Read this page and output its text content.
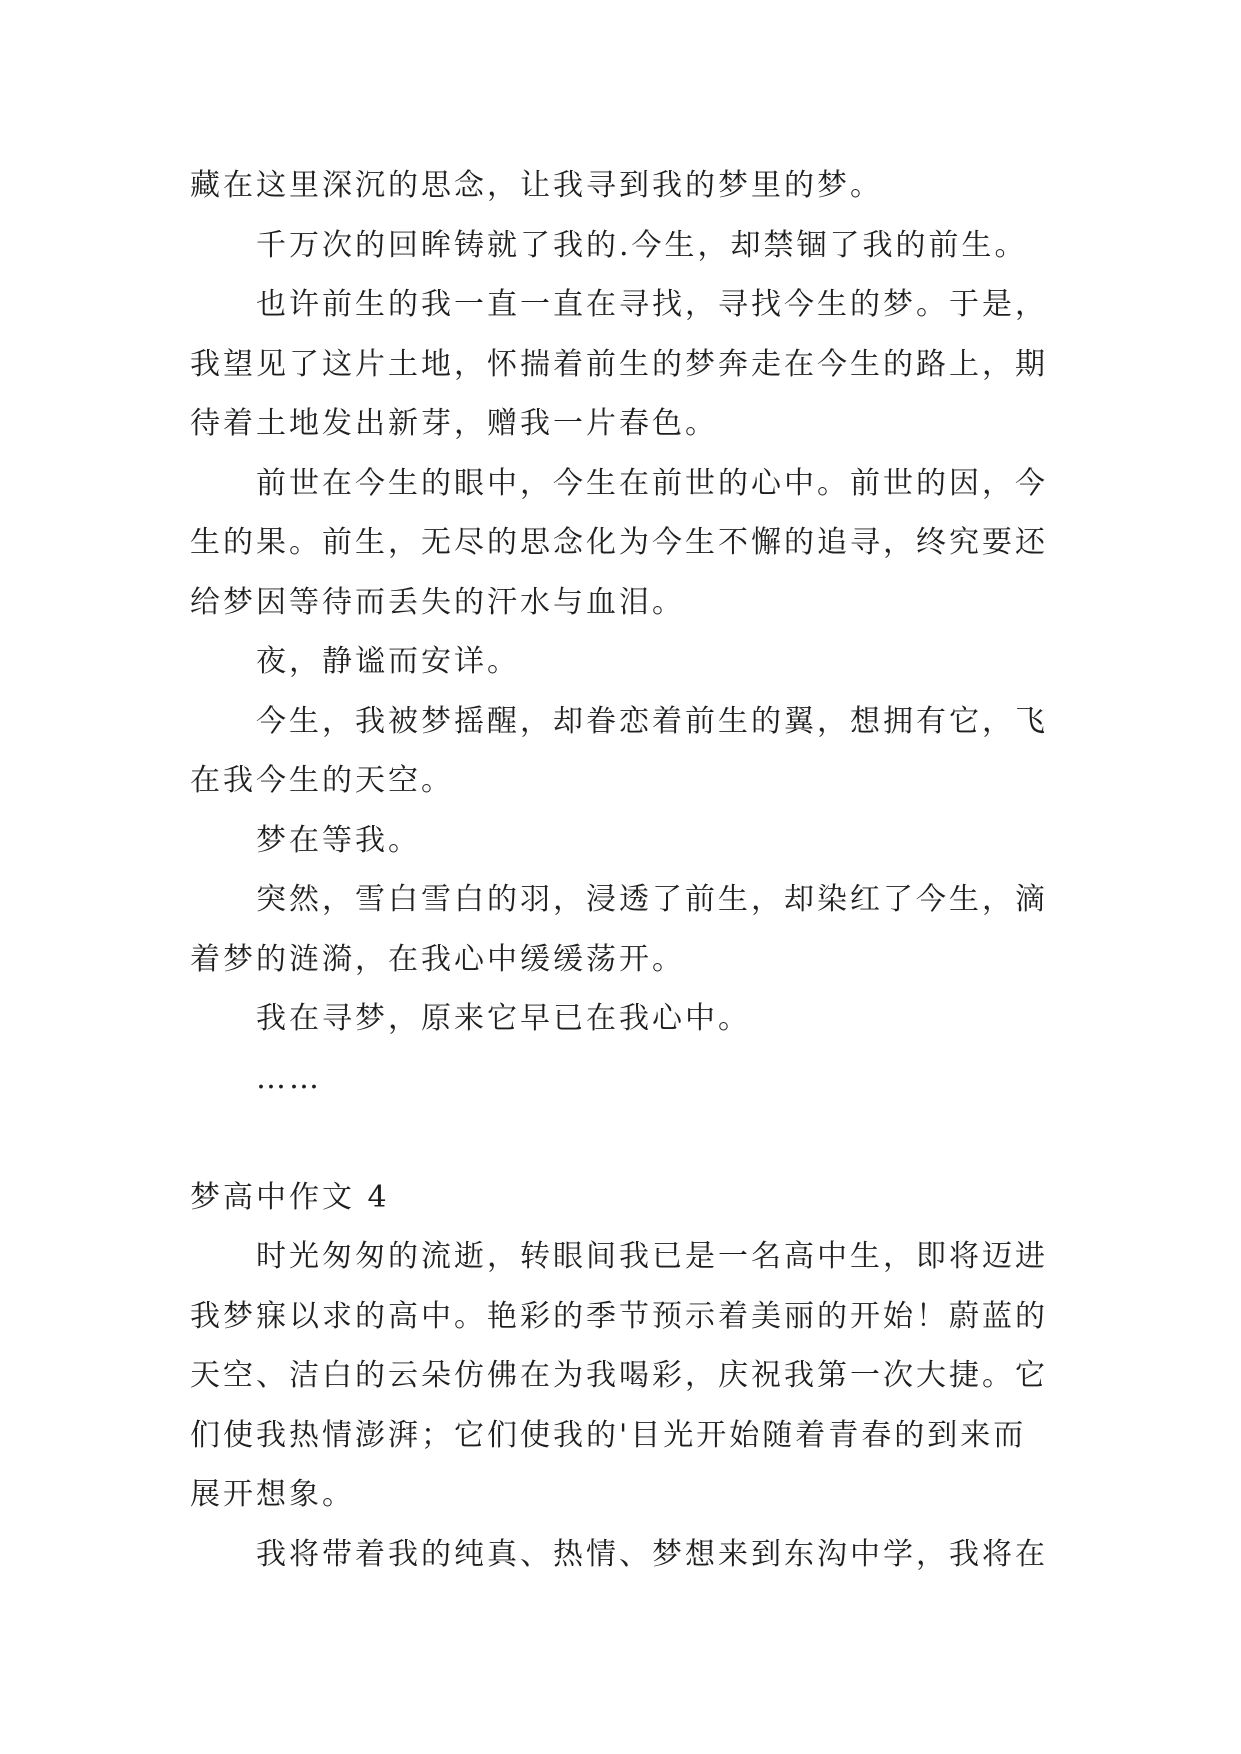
藏在这里深沉的思念，让我寻到我的梦里的梦。
千万次的回眸铸就了我的.今生，却禁锢了我的前生。
也许前生的我一直一直在寻找，寻找今生的梦。于是，
我望见了这片土地，怀揣着前生的梦奔走在今生的路上，期
待着土地发出新芽，赠我一片春色。
前世在今生的眼中，今生在前世的心中。前世的因，今
生的果。前生，无尽的思念化为今生不懈的追寻，终究要还
给梦因等待而丢失的汗水与血泪。
夜，静谧而安详。
今生，我被梦摇醒，却眷恋着前生的翼，想拥有它，飞
在我今生的天空。
梦在等我。
突然，雪白雪白的羽，浸透了前生，却染红了今生，滴
着梦的涟漪，在我心中缓缓荡开。
我在寻梦，原来它早已在我心中。
……
梦高中作文 4
时光匆匆的流逝，转眼间我已是一名高中生，即将迈进
我梦寐以求的高中。艳彩的季节预示着美丽的开始！蔚蓝的
天空、洁白的云朵仿佛在为我喝彩，庆祝我第一次大捷。它
们使我热情澎湃；它们使我的'目光开始随着青春的到来而
展开想象。
我将带着我的纯真、热情、梦想来到东沟中学，我将在
